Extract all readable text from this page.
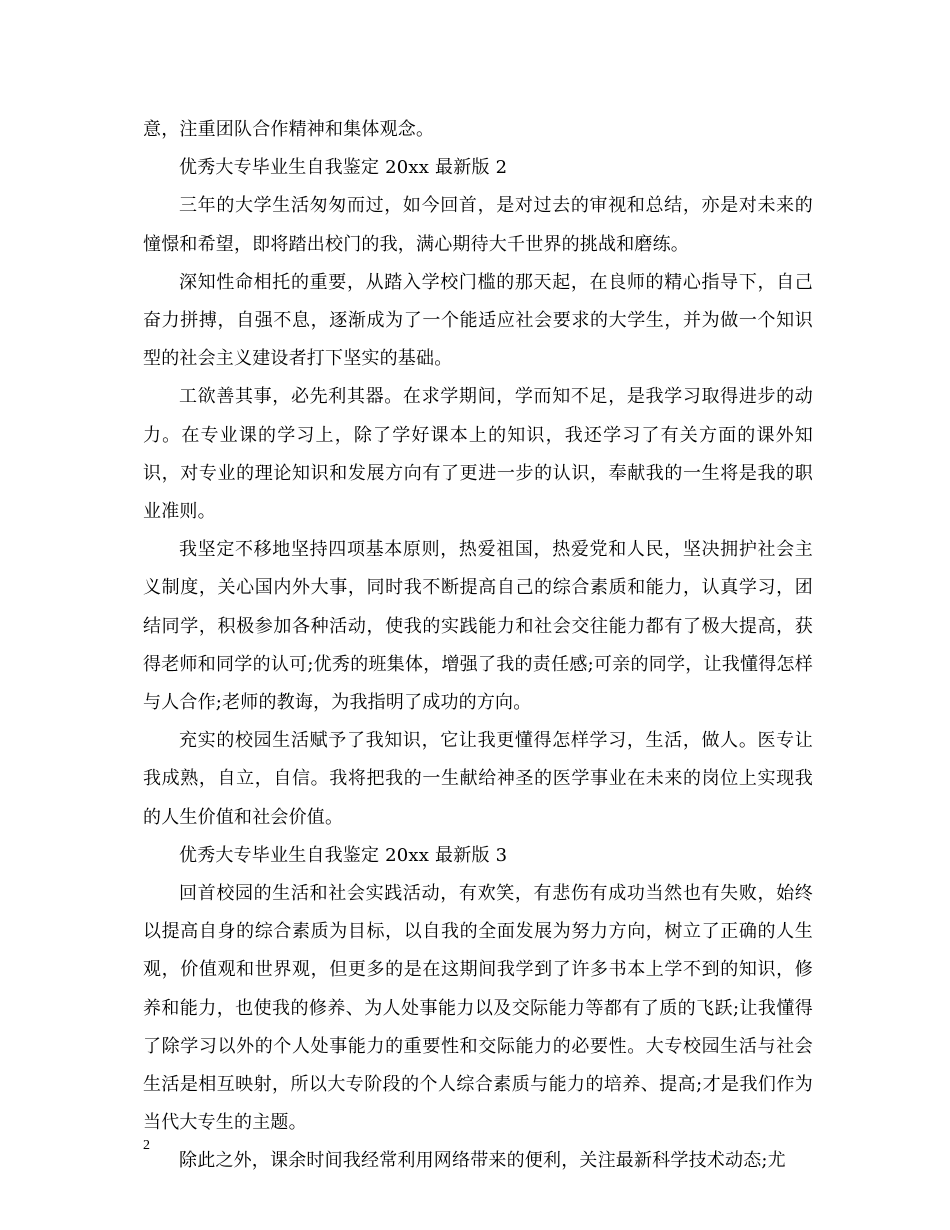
意，注重团队合作精神和集体观念。

优秀大专毕业生自我鉴定 20xx 最新版 2

三年的大学生活匆匆而过，如今回首，是对过去的审视和总结，亦是对未来的憧憬和希望，即将踏出校门的我，满心期待大千世界的挑战和磨练。

深知性命相托的重要，从踏入学校门槛的那天起，在良师的精心指导下，自己奋力拼搏，自强不息，逐渐成为了一个能适应社会要求的大学生，并为做一个知识型的社会主义建设者打下坚实的基础。

工欲善其事，必先利其器。在求学期间，学而知不足，是我学习取得进步的动力。在专业课的学习上，除了学好课本上的知识，我还学习了有关方面的课外知识，对专业的理论知识和发展方向有了更进一步的认识，奉献我的一生将是我的职业准则。

我坚定不移地坚持四项基本原则，热爱祖国，热爱党和人民，坚决拥护社会主义制度，关心国内外大事，同时我不断提高自己的综合素质和能力，认真学习，团结同学，积极参加各种活动，使我的实践能力和社会交往能力都有了极大提高，获得老师和同学的认可;优秀的班集体，增强了我的责任感;可亲的同学，让我懂得怎样与人合作;老师的教诲，为我指明了成功的方向。

充实的校园生活赋予了我知识，它让我更懂得怎样学习，生活，做人。医专让我成熟，自立，自信。我将把我的一生献给神圣的医学事业在未来的岗位上实现我的人生价值和社会价值。

优秀大专毕业生自我鉴定 20xx 最新版 3

回首校园的生活和社会实践活动，有欢笑，有悲伤有成功当然也有失败，始终以提高自身的综合素质为目标，以自我的全面发展为努力方向，树立了正确的人生观，价值观和世界观，但更多的是在这期间我学到了许多书本上学不到的知识，修养和能力，也使我的修养、为人处事能力以及交际能力等都有了质的飞跃;让我懂得了除学习以外的个人处事能力的重要性和交际能力的必要性。大专校园生活与社会生活是相互映射，所以大专阶段的个人综合素质与能力的培养、提高;才是我们作为当代大专生的主题。

除此之外，课余时间我经常利用网络带来的便利，关注最新科学技术动态;尤

2
